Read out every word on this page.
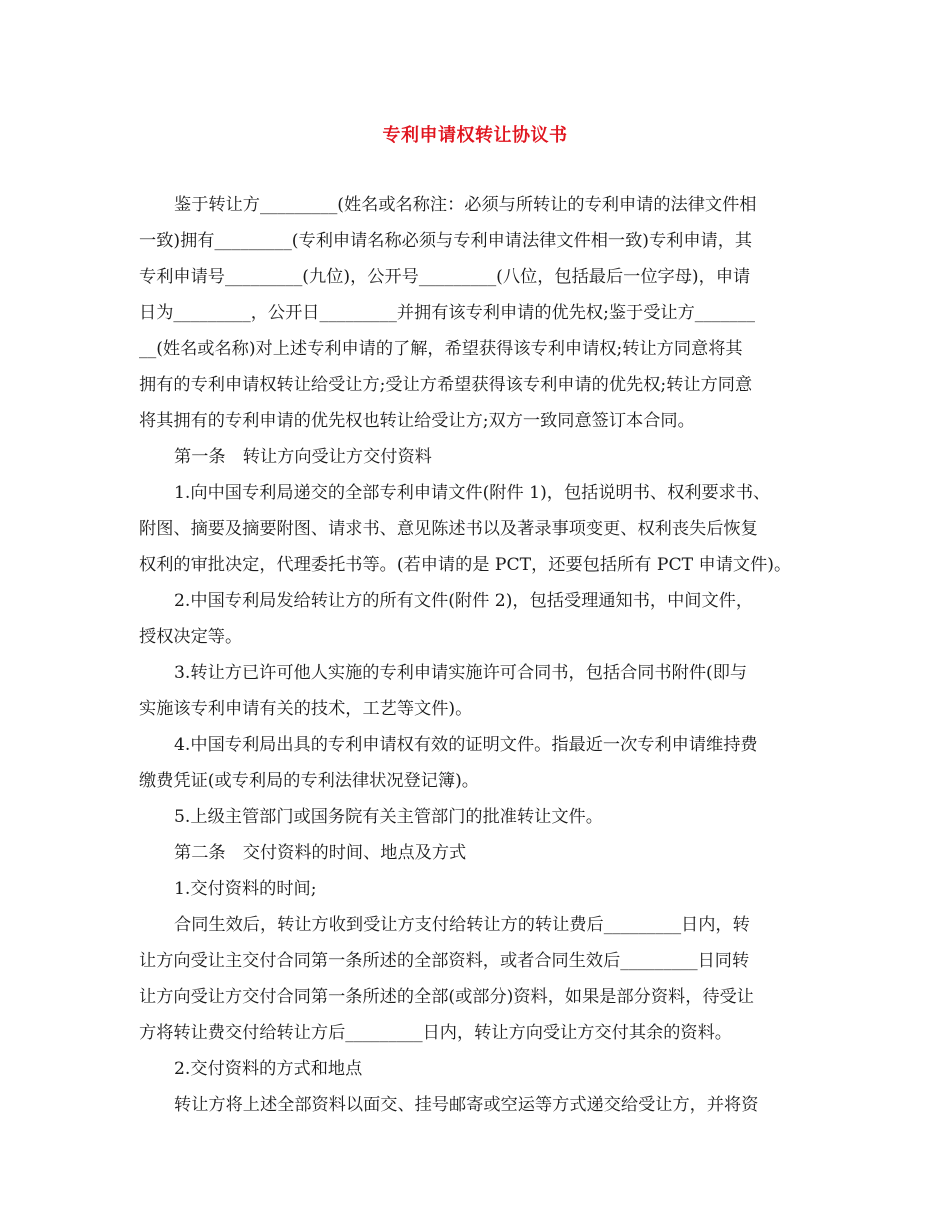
专利申请权转让协议书
鉴于转让方_________(姓名或名称注：必须与所转让的专利申请的法律文件相
一致)拥有_________(专利申请名称必须与专利申请法律文件相一致)专利申请，其
专利申请号_________(九位)，公开号_________(八位，包括最后一位字母)，申请
日为_________，公开日_________并拥有该专利申请的优先权;鉴于受让方_______
__(姓名或名称)对上述专利申请的了解，希望获得该专利申请权;转让方同意将其
拥有的专利申请权转让给受让方;受让方希望获得该专利申请的优先权;转让方同意
将其拥有的专利申请的优先权也转让给受让方;双方一致同意签订本合同。
第一条　转让方向受让方交付资料
1.向中国专利局递交的全部专利申请文件(附件 1)，包括说明书、权利要求书、
附图、摘要及摘要附图、请求书、意见陈述书以及著录事项变更、权利丧失后恢复
权利的审批决定，代理委托书等。(若申请的是 PCT，还要包括所有 PCT 申请文件)。
2.中国专利局发给转让方的所有文件(附件 2)，包括受理通知书，中间文件，
授权决定等。
3.转让方已许可他人实施的专利申请实施许可合同书，包括合同书附件(即与
实施该专利申请有关的技术，工艺等文件)。
4.中国专利局出具的专利申请权有效的证明文件。指最近一次专利申请维持费
缴费凭证(或专利局的专利法律状况登记簿)。
5.上级主管部门或国务院有关主管部门的批准转让文件。
第二条　交付资料的时间、地点及方式
1.交付资料的时间;
合同生效后，转让方收到受让方支付给转让方的转让费后_________日内，转
让方向受让主交付合同第一条所述的全部资料，或者合同生效后_________日同转
让方向受让方交付合同第一条所述的全部(或部分)资料，如果是部分资料，待受让
方将转让费交付给转让方后_________日内，转让方向受让方交付其余的资料。
2.交付资料的方式和地点
转让方将上述全部资料以面交、挂号邮寄或空运等方式递交给受让方，并将资
